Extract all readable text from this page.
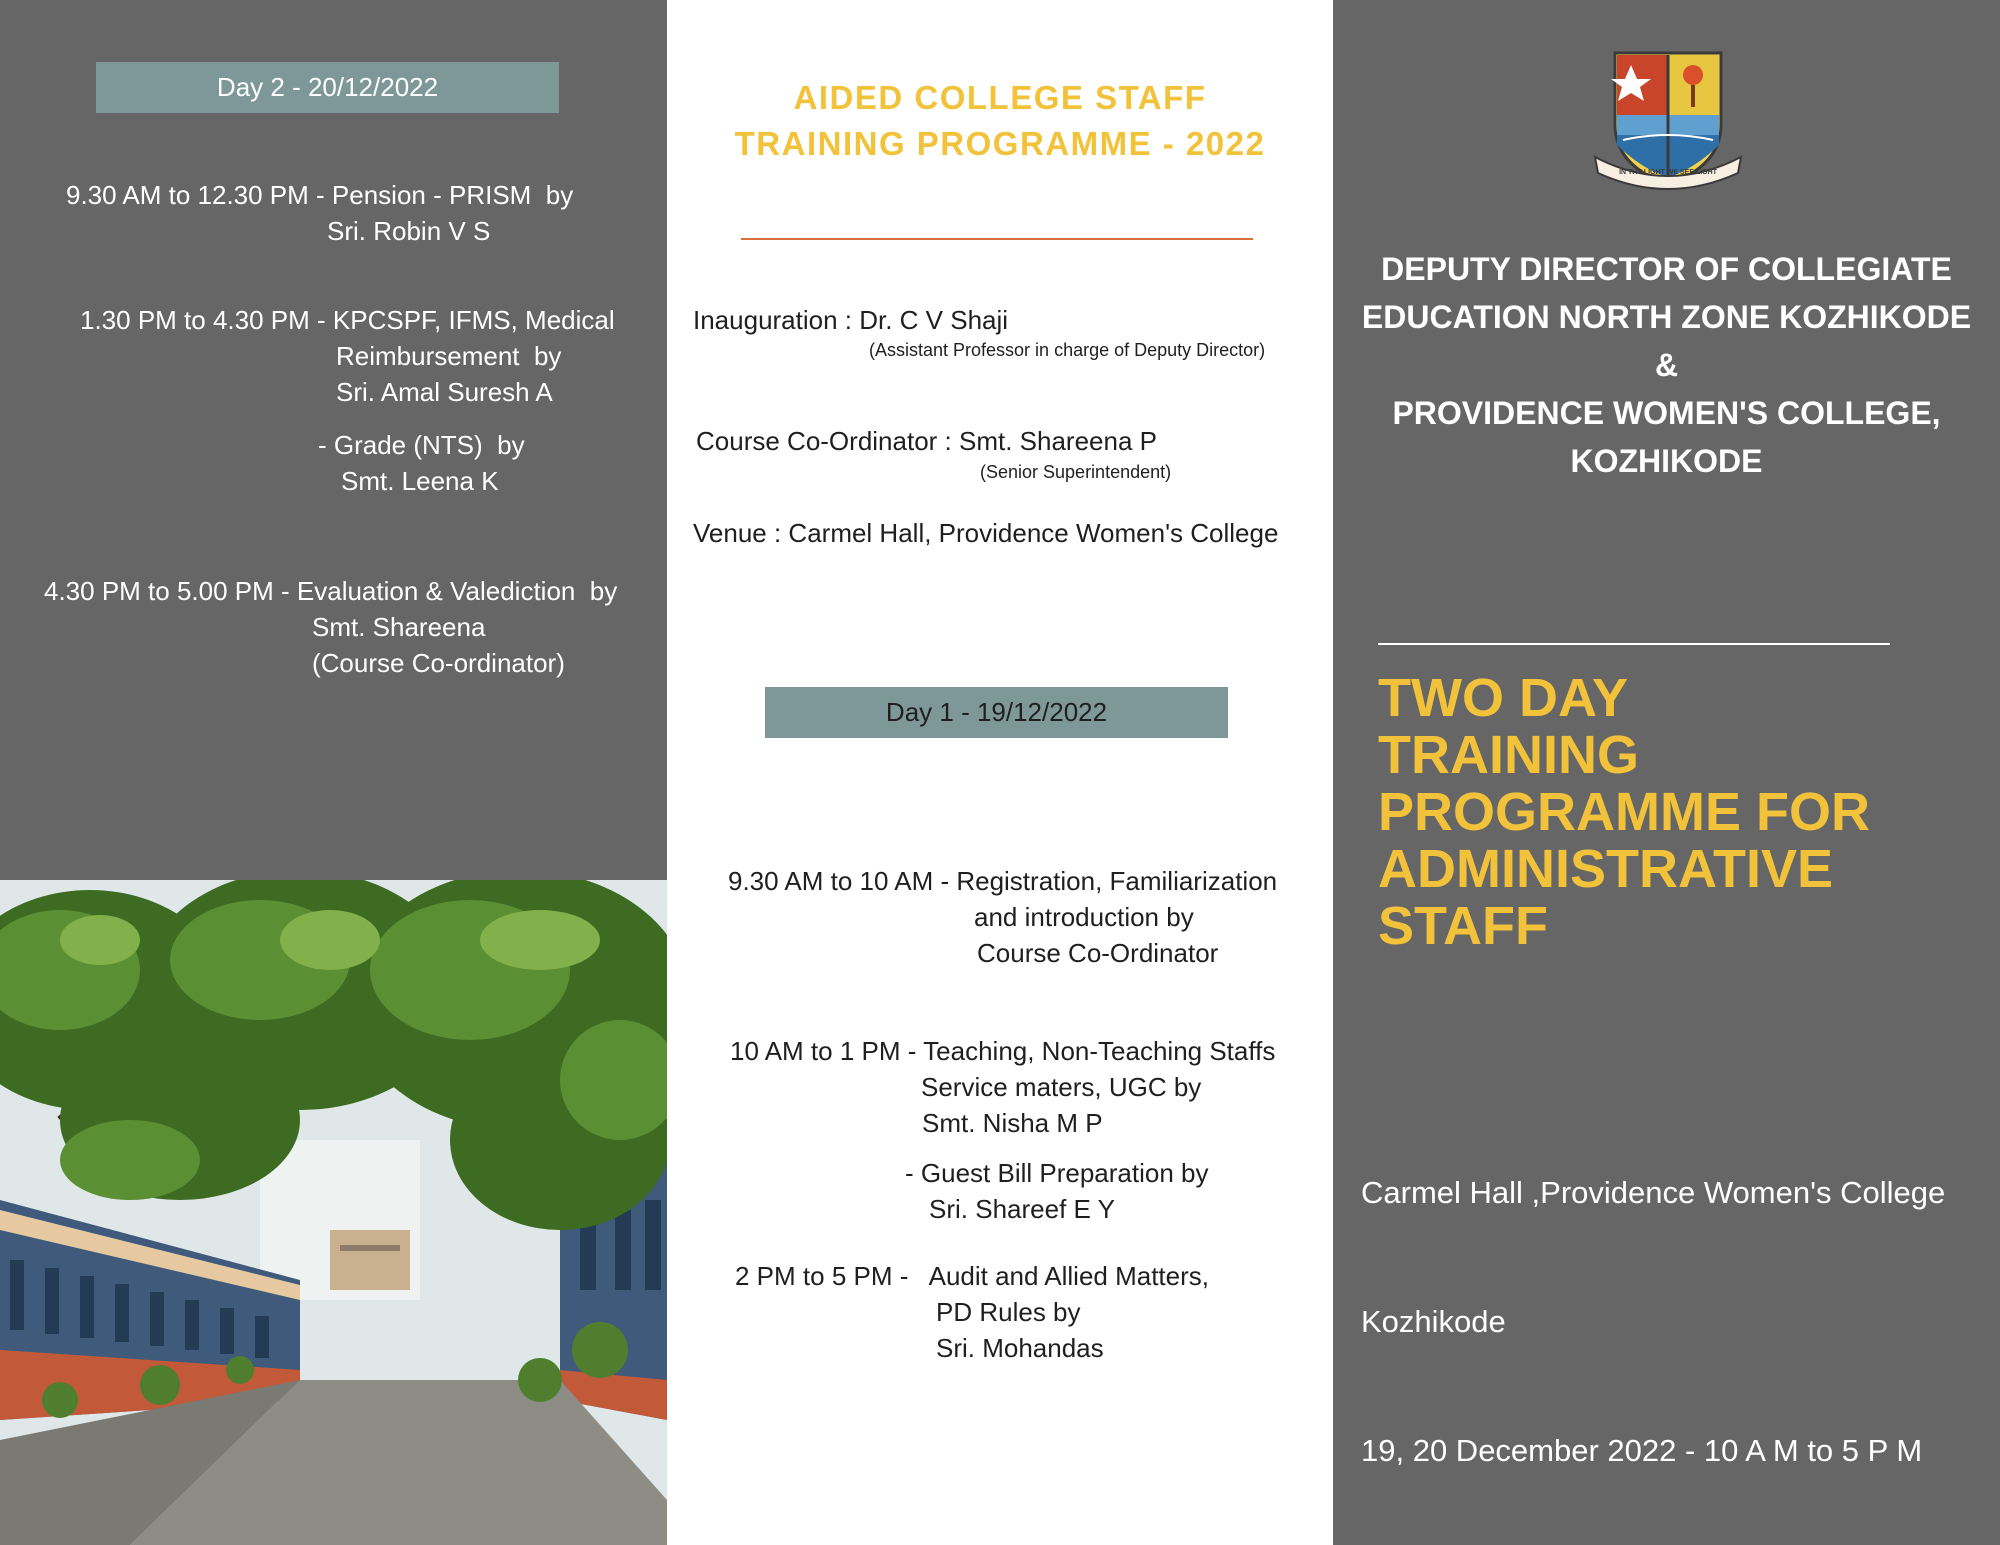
Day 2 - 20/12/2022
9.30 AM to 12.30 PM - Pension - PRISM  by
Sri. Robin V S
1.30 PM to 4.30 PM - KPCSPF, IFMS, Medical
Reimbursement  by
Sri. Amal Suresh A
- Grade (NTS)  by
Smt. Leena K
4.30 PM to 5.00 PM - Evaluation & Valediction  by
Smt. Shareena
(Course Co-ordinator)
AIDED COLLEGE STAFF
TRAINING PROGRAMME - 2022
Inauguration : Dr. C V Shaji
(Assistant Professor in charge of Deputy Director)
Course Co-Ordinator : Smt. Shareena P
(Senior Superintendent)
Venue : Carmel Hall, Providence Women's College
Day 1 - 19/12/2022
9.30 AM to 10 AM - Registration, Familiarization
and introduction by
Course Co-Ordinator
10 AM to 1 PM - Teaching, Non-Teaching Staffs
Service maters, UGC by
Smt. Nisha M P
- Guest Bill Preparation by
Sri. Shareef E Y
2 PM to 5 PM -   Audit and Allied Matters,
PD Rules by
Sri. Mohandas
IN THY LIGHT WE SEE LIGHT
DEPUTY DIRECTOR OF COLLEGIATE
EDUCATION NORTH ZONE KOZHIKODE
&
PROVIDENCE WOMEN'S COLLEGE,
KOZHIKODE
TWO DAY
TRAINING
PROGRAMME FOR
ADMINISTRATIVE
STAFF

Carmel Hall ,Providence Women's College

Kozhikode

19, 20 December 2022 - 10 A M to 5 P M
